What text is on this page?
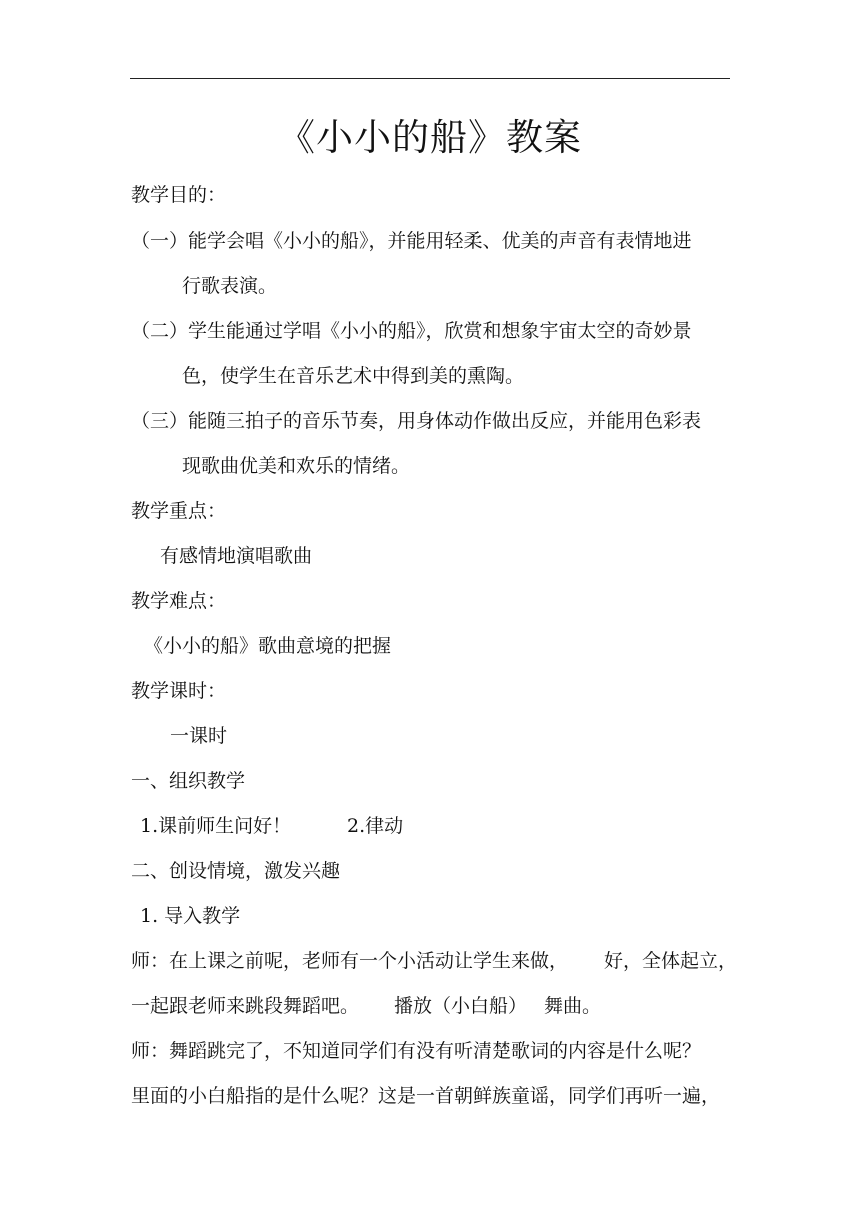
《小小的船》教案
教学目的：
（一）能学会唱《小小的船》，并能用轻柔、优美的声音有表情地进
行歌表演。
（二）学生能通过学唱《小小的船》，欣赏和想象宇宙太空的奇妙景
色，使学生在音乐艺术中得到美的熏陶。
（三）能随三拍子的音乐节奏，用身体动作做出反应，并能用色彩表
现歌曲优美和欢乐的情绪。
教学重点：
有感情地演唱歌曲
教学难点：
《小小的船》歌曲意境的把握
教学课时：
一课时
一、组织教学
1.课前师生问好！	2.律动
二、创设情境，激发兴趣
1. 导入教学
师：在上课之前呢，老师有一个小活动让学生来做， 好，全体起立，
一起跟老师来跳段舞蹈吧。 播放（小白船） 舞曲。
师：舞蹈跳完了，不知道同学们有没有听清楚歌词的内容是什么呢？
里面的小白船指的是什么呢？这是一首朝鲜族童谣，同学们再听一遍，
